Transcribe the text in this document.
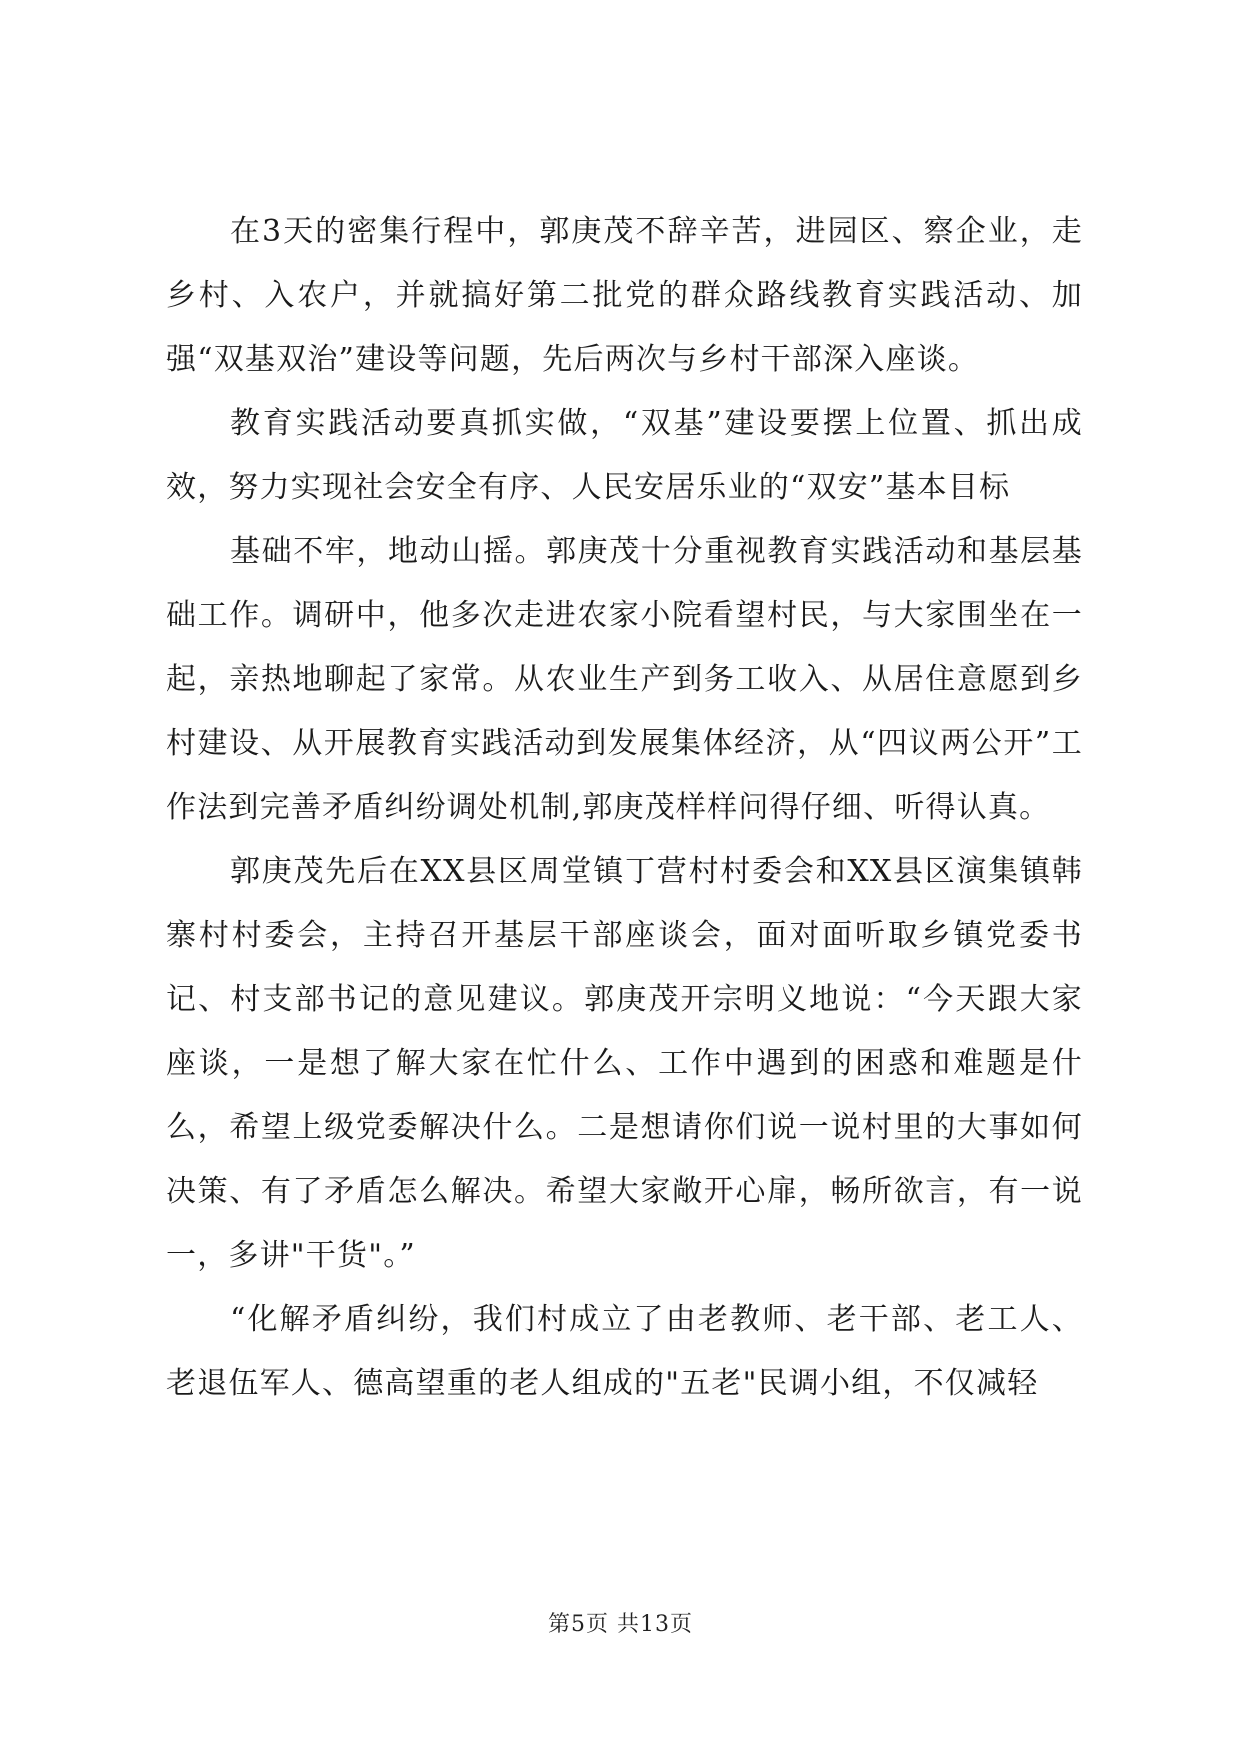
在3天的密集行程中，郭庚茂不辞辛苦，进园区、察企业，走乡村、入农户，并就搞好第二批党的群众路线教育实践活动、加强“双基双治”建设等问题，先后两次与乡村干部深入座谈。

教育实践活动要真抓实做，“双基”建设要摆上位置、抓出成效，努力实现社会安全有序、人民安居乐业的“双安”基本目标

基础不牢，地动山摇。郭庚茂十分重视教育实践活动和基层基础工作。调研中，他多次走进农家小院看望村民，与大家围坐在一起，亲热地聊起了家常。从农业生产到务工收入、从居住意愿到乡村建设、从开展教育实践活动到发展集体经济，从“四议两公开”工作法到完善矛盾纠纷调处机制,郭庚茂样样问得仔细、听得认真。

郭庚茂先后在XX县区周堂镇丁营村村委会和XX县区演集镇韩寨村村委会，主持召开基层干部座谈会，面对面听取乡镇党委书记、村支部书记的意见建议。郭庚茂开宗明义地说：“今天跟大家座谈，一是想了解大家在忙什么、工作中遇到的困惑和难题是什么，希望上级党委解决什么。二是想请你们说一说村里的大事如何决策、有了矛盾怎么解决。希望大家敞开心扉，畅所欲言，有一说一，多讲"干货"。”

“化解矛盾纠纷，我们村成立了由老教师、老干部、老工人、老退伍军人、德高望重的老人组成的"五老"民调小组，不仅减轻

第5页 共13页
